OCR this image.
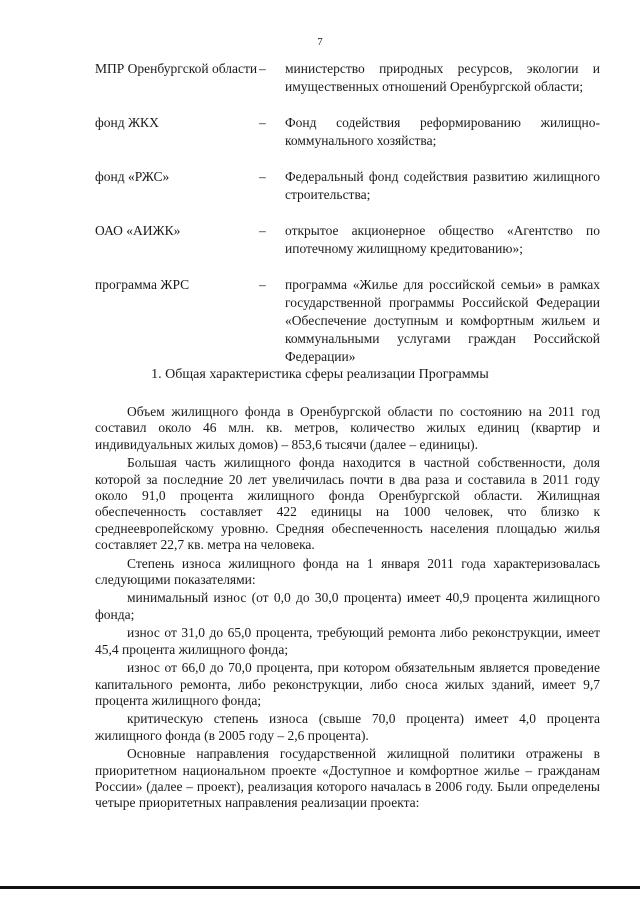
7
МПР Оренбургской области –	министерство природных ресурсов, экологии и имущественных отношений Оренбургской области;
фонд ЖКХ	–	Фонд содействия реформированию жилищно-коммунального хозяйства;
фонд «РЖС»	–	Федеральный фонд содействия развитию жилищного строительства;
ОАО «АИЖК»	–	открытое акционерное общество «Агентство по ипотечному жилищному кредитованию»;
программа ЖРС	–	программа «Жилье для российской семьи» в рамках государственной программы Российской Федерации «Обеспечение доступным и комфортным жильем и коммунальными услугами граждан Российской Федерации»
1. Общая характеристика сферы реализации Программы

Объем жилищного фонда в Оренбургской области по состоянию на 2011 год составил около 46 млн. кв. метров, количество жилых единиц (квартир и индивидуальных жилых домов) – 853,6 тысячи (далее – единицы).

Большая часть жилищного фонда находится в частной собственности, доля которой за последние 20 лет увеличилась почти в два раза и составила в 2011 году около 91,0 процента жилищного фонда Оренбургской области. Жилищная обеспеченность составляет 422 единицы на 1000 человек, что близко к среднеевропейскому уровню. Средняя обеспеченность населения площадью жилья составляет 22,7 кв. метра на человека.

Степень износа жилищного фонда на 1 января 2011 года характеризовалась следующими показателями:

минимальный износ (от 0,0 до 30,0 процента) имеет 40,9 процента жилищного фонда;

износ от 31,0 до 65,0 процента, требующий ремонта либо реконструкции, имеет 45,4 процента жилищного фонда;

износ от 66,0 до 70,0 процента, при котором обязательным является проведение капитального ремонта, либо реконструкции, либо сноса жилых зданий, имеет 9,7 процента жилищного фонда;

критическую степень износа (свыше 70,0 процента) имеет 4,0 процента жилищного фонда (в 2005 году – 2,6 процента).

Основные направления государственной жилищной политики отражены в приоритетном национальном проекте «Доступное и комфортное жилье – гражданам России» (далее – проект), реализация которого началась в 2006 году. Были определены четыре приоритетных направления реализации проекта:
